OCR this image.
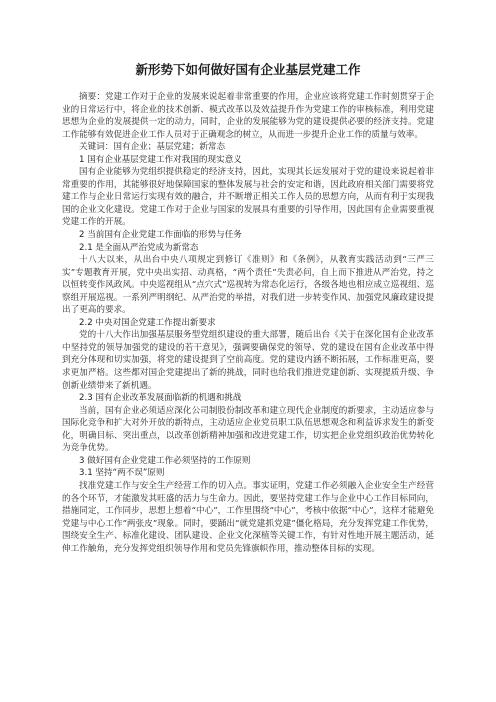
新形势下如何做好国有企业基层党建工作

摘要：党建工作对于企业的发展来说起着非常重要的作用，企业应该将党建工作时刻贯穿于企业的日常运行中，将企业的技术创新、模式改革以及效益提升作为党建工作的审核标准，利用党建思想为企业的发展提供一定的动力，同时，企业的发展能够为党的建设提供必要的经济支持。党建工作能够有效促进企业工作人员对于正确观念的树立，从而进一步提升企业工作的质量与效率。

关键词：国有企业；基层党建；新常态

1 国有企业基层党建工作对我国的现实意义

国有企业能够为党组织提供稳定的经济支持，因此，实现其长远发展对于党的建设来说起着非常重要的作用，其能够很好地保障国家的整体发展与社会的安定和谐，因此政府相关部门需要将党建工作与企业日常运行实现有效的融合，并不断增正相关工作人员的思想方向，从而有利于实现我国的企业文化建设。党建工作对于企业与国家的发展具有重要的引导作用，因此国有企业需要重视党建工作的开展。

2 当前国有企业党建工作面临的形势与任务
2.1 是全面从严治党成为新常态

十八大以来，从出台中央八项规定到修订《准则》和《条例》，从教育实践活动到“三严三实”专题教育开展，党中央出实招、动真格，“两个责任”失责必问，自上而下推进从严治党，持之以恒转变作风政风。中央巡视组从“点穴式”巡视转为常态化运行，各级各地也相应成立巡视组、巡察组开展巡视。一系列严明纲纪、从严治党的举措，对我们进一步转变作风、加强党风廉政建设提出了更高的要求。

2.2 中央对国企党建工作提出新要求

党的十八大作出加强基层服务型党组织建设的重大部署，随后出台《关于在深化国有企业改革中坚持党的领导加强党的建设的若干意见》，强调要确保党的领导、党的建设在国有企业改革中得到充分体现和切实加强，将党的建设提到了空前高度。党的建设内涵不断拓展，工作标准更高，要求更加严格。这些都对国企党建提出了新的挑战，同时也给我们推进党建创新、实现提质升级、争创新业绩带来了新机遇。

2.3 国有企业改革发展面临新的机遇和挑战

当前，国有企业必须适应深化公司制股份制改革和建立现代企业制度的新要求，主动适应参与国际化竞争和扩大对外开放的新特点，主动适应企业党员职工队伍思想观念和利益诉求发生的新变化，明确目标、突出重点，以改革创新精神加强和改进党建工作，切实把企业党组织政治优势转化为竞争优势。

3 做好国有企业党建工作必须坚持的工作原则
3.1 坚持“两不误”原则

找准党建工作与安全生产经营工作的切入点。事实证明，党建工作必须融入企业安全生产经营的各个环节，才能激发其旺盛的活力与生命力。因此，要坚持党建工作与企业中心工作目标同向，措施同定，工作同步，思想上想着“中心”，工作里围绕“中心”，考核中依据“中心”，这样才能避免党建与中心工作“两张皮”现象。同时，要踊出“就党建抓党建”僵化格局，充分发挥党建工作优势，围绕安全生产、标准化建设、团队建设、企业文化深植等关键工作，有针对性地开展主题活动，延伸工作触角，充分发挥党组织领导作用和党员先锋旗帜作用，推动整体目标的实现。
